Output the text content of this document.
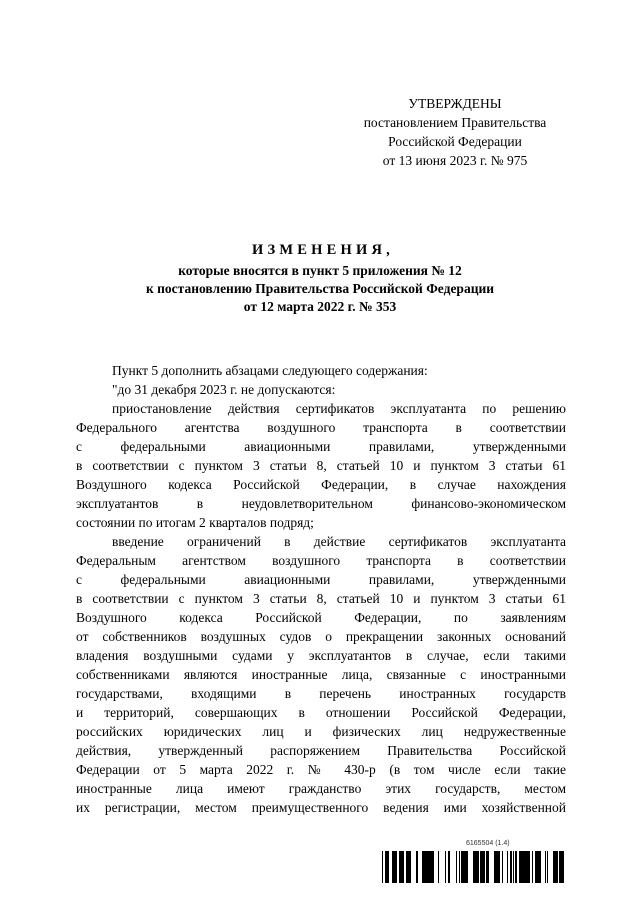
УТВЕРЖДЕНЫ
постановлением Правительства
Российской Федерации
от 13 июня 2023 г. № 975
ИЗМЕНЕНИЯ,
которые вносятся в пункт 5 приложения № 12
к постановлению Правительства Российской Федерации
от 12 марта 2022 г. № 353
Пункт 5 дополнить абзацами следующего содержания:
"до 31 декабря 2023 г. не допускаются:
приостановление действия сертификатов эксплуатанта по решению
Федерального агентства воздушного транспорта в соответствии
с федеральными авиационными правилами, утвержденными
в соответствии с пунктом 3 статьи 8, статьей 10 и пунктом 3 статьи 61
Воздушного кодекса Российской Федерации, в случае нахождения
эксплуатантов в неудовлетворительном финансово-экономическом
состоянии по итогам 2 кварталов подряд;
введение ограничений в действие сертификатов эксплуатанта
Федеральным агентством воздушного транспорта в соответствии
с федеральными авиационными правилами, утвержденными
в соответствии с пунктом 3 статьи 8, статьей 10 и пунктом 3 статьи 61
Воздушного кодекса Российской Федерации, по заявлениям
от собственников воздушных судов о прекращении законных оснований
владения воздушными судами у эксплуатантов в случае, если такими
собственниками являются иностранные лица, связанные с иностранными
государствами, входящими в перечень иностранных государств
и территорий, совершающих в отношении Российской Федерации,
российских юридических лиц и физических лиц недружественные
действия, утвержденный распоряжением Правительства Российской
Федерации от 5 марта 2022 г. № 430-р (в том числе если такие
иностранные лица имеют гражданство этих государств, местом
их регистрации, местом преимущественного ведения ими хозяйственной
6165504 (1.4)
